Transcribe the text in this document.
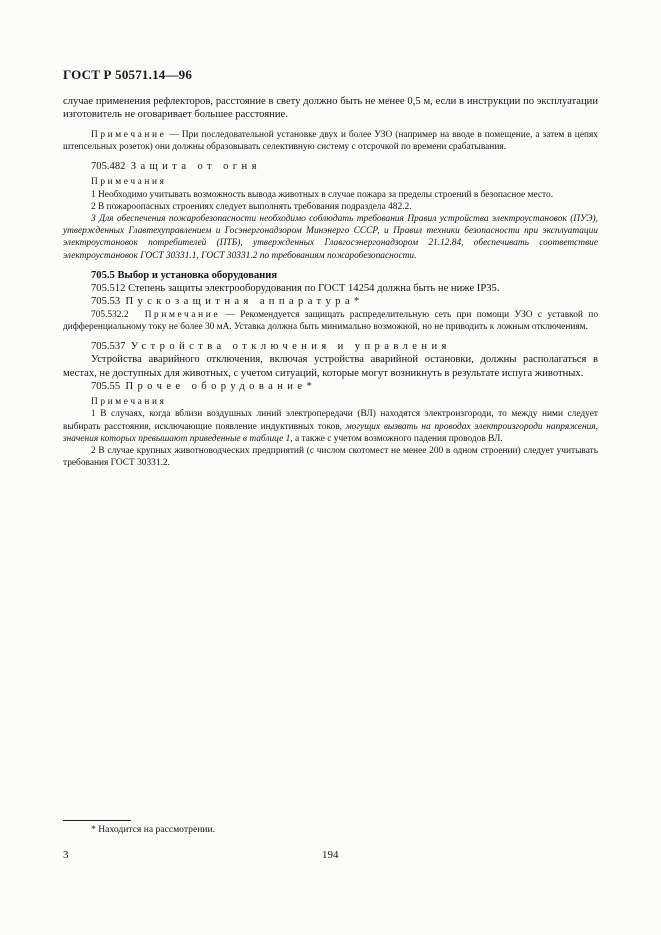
ГОСТ Р 50571.14—96

случае применения рефлекторов, расстояние в свету должно быть не менее 0,5 м, если в инструкции по эксплуатации изготовитель не оговаривает большее расстояние.

Примечание — При последовательной установке двух и более УЗО (например на вводе в помещение, а затем в цепях штепсельных розеток) они должны образовывать селективную систему с отсрочкой по времени срабатывания.

705.482 Защита от огня

Примечания

1 Необходимо учитывать возможность вывода животных в случае пожара за пределы строений в безопасное место.

2 В пожароопасных строениях следует выполнять требования подраздела 482.2.

3 Для обеспечения пожаробезопасности необходимо соблюдать требования Правил устройства электроустановок (ПУЭ), утвержденных Главтехуправлением и Госэнергонадзором Минэнерго СССР, и Правил техники безопасности при эксплуатации электроустановок потребителей (ПТБ), утвержденных Главгосэнергонадзором 21.12.84, обеспечивать соответствие электроустановок ГОСТ 30331.1, ГОСТ 30331.2 по требованиям пожаробезопасности.

705.5 Выбор и установка оборудования

705.512 Степень защиты электрооборудования по ГОСТ 14254 должна быть не ниже IP35.

705.53 Пускозащитная аппаратура*

705.532.2 Примечание — Рекомендуется защищать распределительную сеть при помощи УЗО с уставкой по дифференциальному току не более 30 мА. Уставка должна быть минимально возможной, но не приводить к ложным отключениям.

705.537 Устройства отключения и управления

Устройства аварийного отключения, включая устройства аварийной остановки, должны располагаться в местах, не доступных для животных, с учетом ситуаций, которые могут возникнуть в результате испуга животных.

705.55 Прочее оборудование*

Примечания

1 В случаях, когда вблизи воздушных линий электропередачи (ВЛ) находятся электроизгороди, то между ними следует выбирать расстояния, исключающие появление индуктивных токов, могущих вызвать на проводах электроизгороди напряжения, значения которых превышают приведенные в таблице 1, а также с учетом возможного падения проводов ВЛ.

2 В случае крупных животноводческих предприятий (с числом скотомест не менее 200 в одном строении) следует учитывать требования ГОСТ 30331.2.

* Находится на рассмотрении.
3	194
